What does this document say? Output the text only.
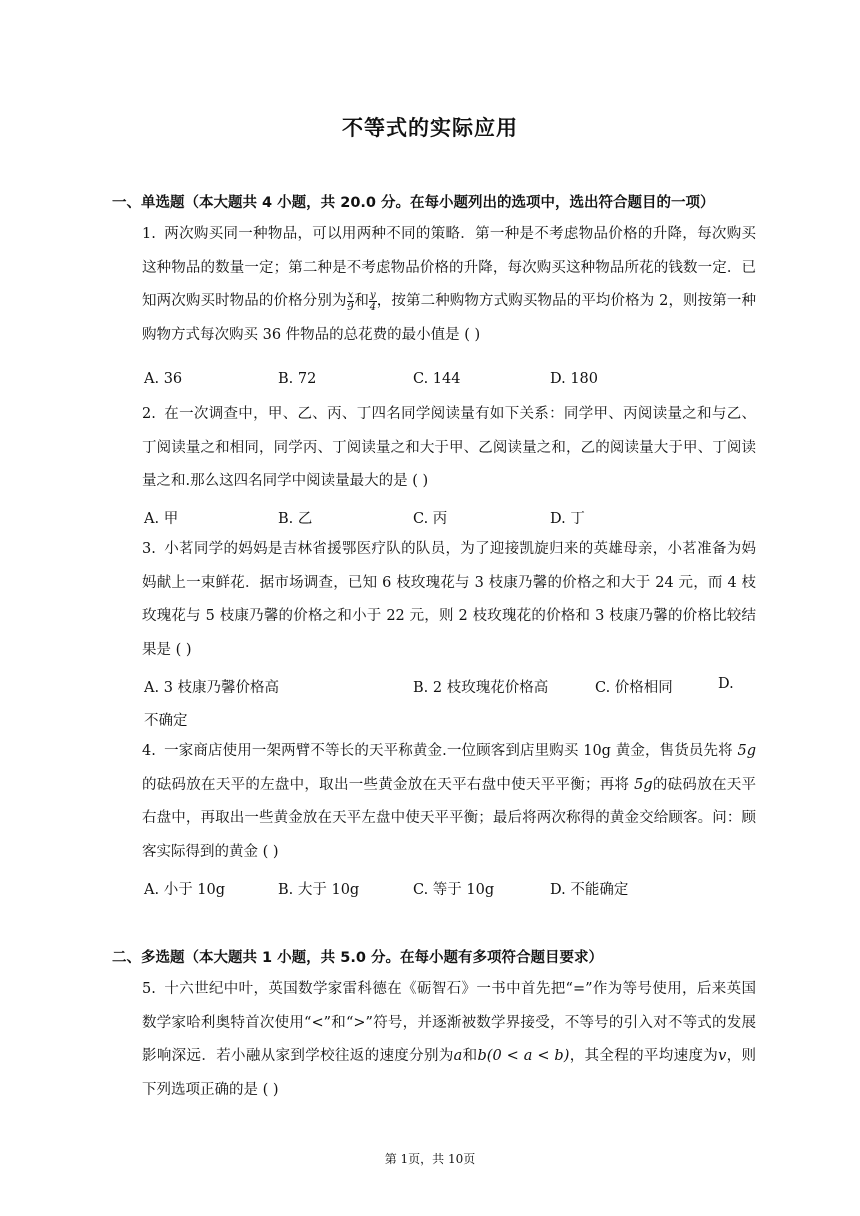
不等式的实际应用
一、单选题（本大题共 4 小题，共 20.0 分。在每小题列出的选项中，选出符合题目的一项）
1. 两次购买同一种物品，可以用两种不同的策略．第一种是不考虑物品价格的升降，每次购买这种物品的数量一定；第二种是不考虑物品价格的升降，每次购买这种物品所花的钱数一定．已知两次购买时物品的价格分别为 $\frac{x}{9}$ 和 $\frac{y}{4}$ ，按第二种购物方式购买物品的平均价格为 2，则按第一种购物方式每次购买 36 件物品的总花费的最小值是 ( )
A. 36	B. 72	C. 144	D. 180
2. 在一次调查中，甲、乙、丙、丁四名同学阅读量有如下关系：同学甲、丙阅读量之和与乙、丁阅读量之和相同，同学丙、丁阅读量之和大于甲、乙阅读量之和，乙的阅读量大于甲、丁阅读量之和.那么这四名同学中阅读量最大的是 ( )
A. 甲	B. 乙	C. 丙	D. 丁
3. 小茗同学的妈妈是吉林省援鄂医疗队的队员，为了迎接凯旋归来的英雄母亲，小茗准备为妈妈献上一束鲜花．据市场调查，已知 6 枝玫瑰花与 3 枝康乃馨的价格之和大于 24 元，而 4 枝玫瑰花与 5 枝康乃馨的价格之和小于 22 元，则 2 枝玫瑰花的价格和 3 枝康乃馨的价格比较结果是 ( )
A. 3 枝康乃馨价格高	B. 2 枝玫瑰花价格高	C. 价格相同	D.
不确定
4. 一家商店使用一架两臂不等长的天平称黄金.一位顾客到店里购买 10g 黄金，售货员先将 5g的砝码放在天平的左盘中，取出一些黄金放在天平右盘中使天平平衡；再将 5g的砝码放在天平右盘中，再取出一些黄金放在天平左盘中使天平平衡；最后将两次称得的黄金交给顾客。问：顾客实际得到的黄金 ( )
A. 小于 10g	B. 大于 10g	C. 等于 10g	D. 不能确定
二、多选题（本大题共 1 小题，共 5.0 分。在每小题有多项符合题目要求）
5. 十六世纪中叶，英国数学家雷科德在《砺智石》一书中首先把“=”作为等号使用，后来英国数学家哈利奥特首次使用“<”和“>”符号，并逐渐被数学界接受，不等号的引入对不等式的发展影响深远．若小融从家到学校往返的速度分别为a和b(0 < a < b)，其全程的平均速度为v，则下列选项正确的是 ( )
第 1页，共 10页
